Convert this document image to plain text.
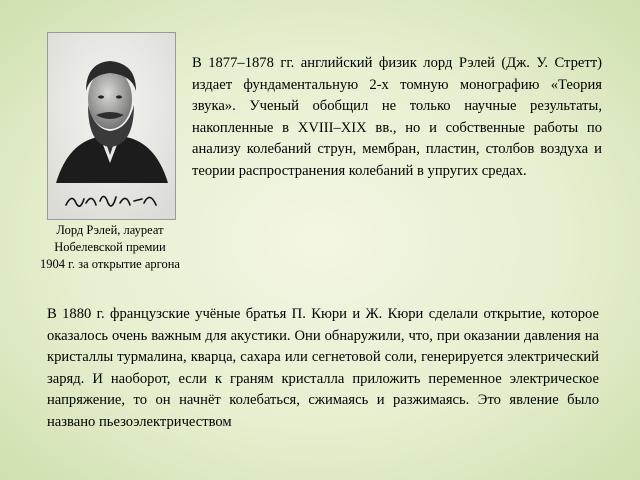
Лорд Рэлей, лауреат
Нобелевской премии
1904 г. за открытие аргона
В 1877–1878 гг. английский физик лорд Рэлей (Дж. У. Стретт) издает фундаментальную 2-х томную монографию «Теория звука». Ученый обобщил не только научные результаты, накопленные в XVIII–XIX вв., но и собственные работы по анализу колебаний струн, мембран, пластин, столбов воздуха и теории распространения колебаний в упругих средах.
В 1880 г. французские учёные братья П. Кюри и Ж. Кюри сделали открытие, которое оказалось очень важным для акустики. Они обнаружили, что, при оказании давления на кристаллы турмалина, кварца, сахара или сегнетовой соли, генерируется электрический заряд. И наоборот, если к граням кристалла приложить переменное электрическое напряжение, то он начнёт колебаться, сжимаясь и разжимаясь. Это явление было названо пьезоэлектричеством
